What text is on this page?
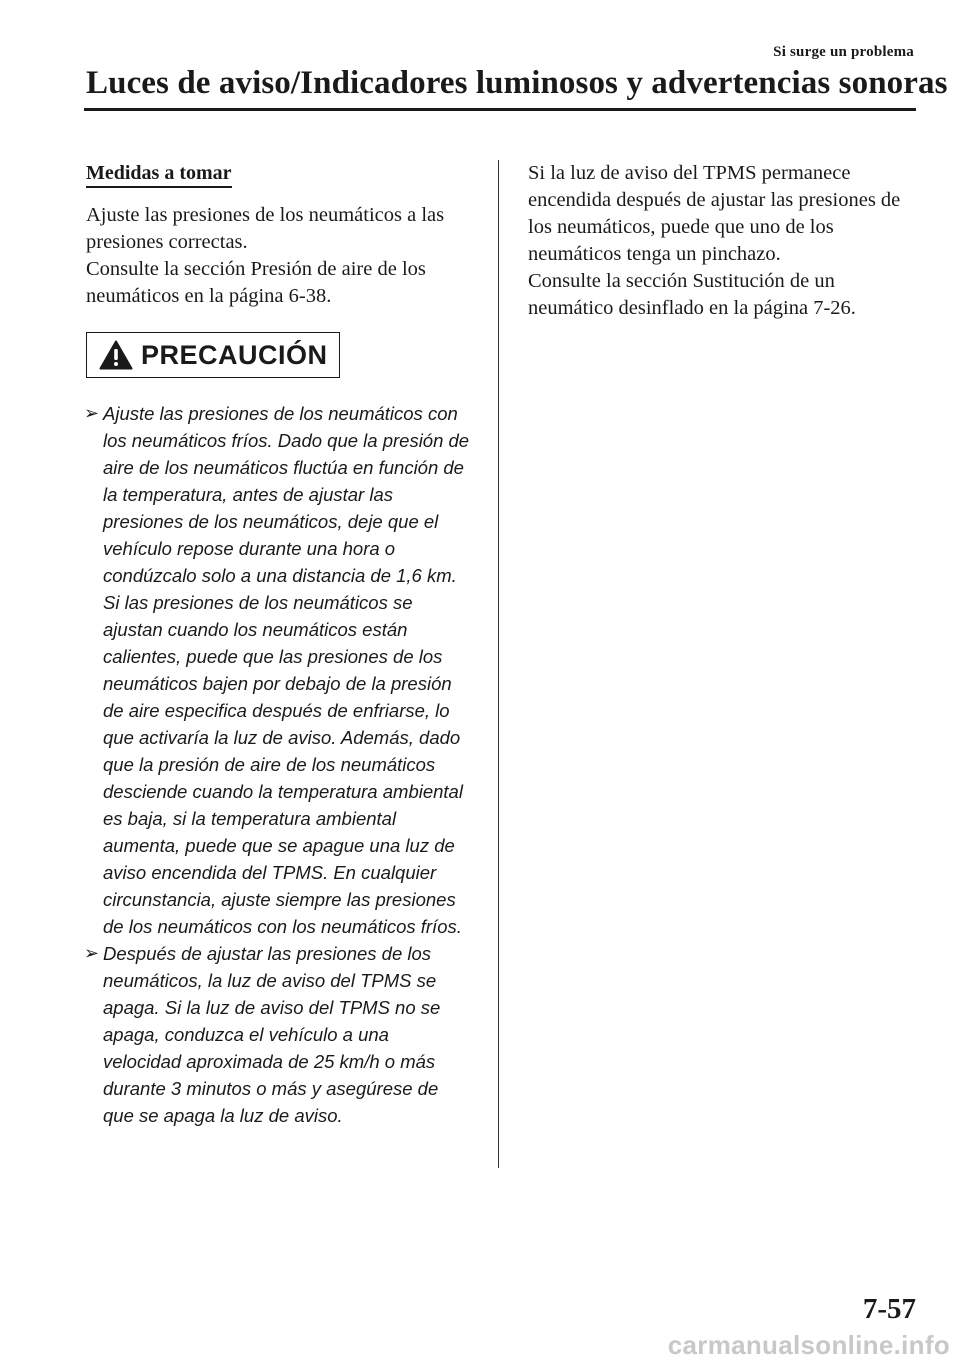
Si surge un problema
Luces de aviso/Indicadores luminosos y advertencias sonoras
Medidas a tomar

Ajuste las presiones de los neumáticos a las presiones correctas.

Consulte la sección Presión de aire de los neumáticos en la página 6-38.

PRECAUCIÓN
➢ Ajuste las presiones de los neumáticos con los neumáticos fríos. Dado que la presión de aire de los neumáticos fluctúa en función de la temperatura, antes de ajustar las presiones de los neumáticos, deje que el vehículo repose durante una hora o condúzcalo solo a una distancia de 1,6 km. Si las presiones de los neumáticos se ajustan cuando los neumáticos están calientes, puede que las presiones de los neumáticos bajen por debajo de la presión de aire especifica después de enfriarse, lo que activaría la luz de aviso. Además, dado que la presión de aire de los neumáticos desciende cuando la temperatura ambiental es baja, si la temperatura ambiental aumenta, puede que se apague una luz de aviso encendida del TPMS. En cualquier circunstancia, ajuste siempre las presiones de los neumáticos con los neumáticos fríos.
➢ Después de ajustar las presiones de los neumáticos, la luz de aviso del TPMS se apaga. Si la luz de aviso del TPMS no se apaga, conduzca el vehículo a una velocidad aproximada de 25 km/h o más durante 3 minutos o más y asegúrese de que se apaga la luz de aviso.

Si la luz de aviso del TPMS permanece encendida después de ajustar las presiones de los neumáticos, puede que uno de los neumáticos tenga un pinchazo.

Consulte la sección Sustitución de un neumático desinflado en la página 7-26.

7-57
carmanualsonline.info
